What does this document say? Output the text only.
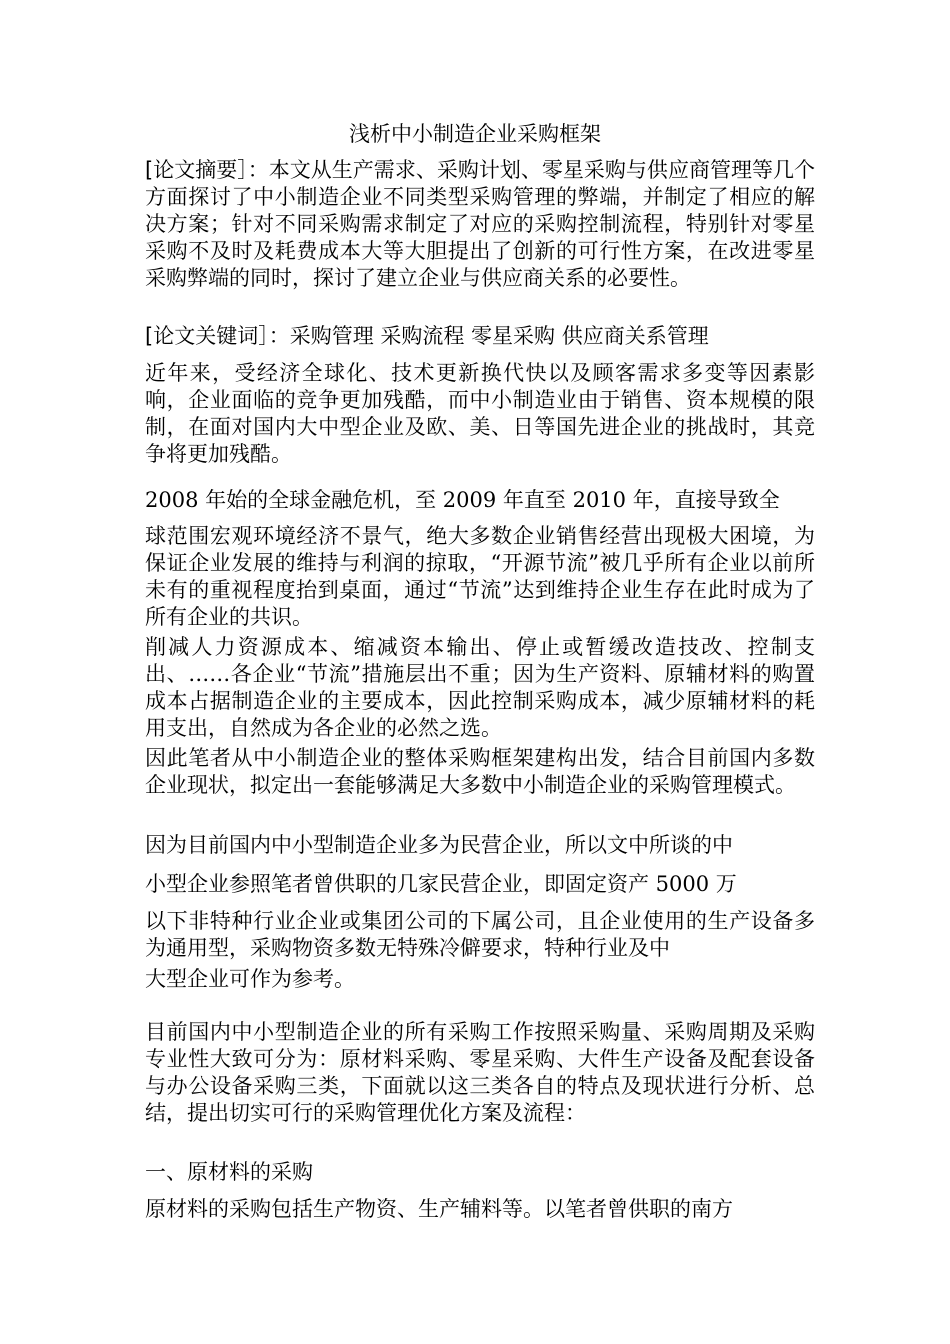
浅析中小制造企业采购框架
[论文摘要］：本文从生产需求、采购计划、零星采购与供应商管理等几个方面探讨了中小制造企业不同类型采购管理的弊端，并制定了相应的解决方案；针对不同采购需求制定了对应的采购控制流程，特别针对零星采购不及时及耗费成本大等大胆提出了创新的可行性方案，在改进零星采购弊端的同时，探讨了建立企业与供应商关系的必要性。
[论文关键词］：采购管理 采购流程 零星采购 供应商关系管理
近年来，受经济全球化、技术更新换代快以及顾客需求多变等因素影响，企业面临的竞争更加残酷，而中小制造业由于销售、资本规模的限制，在面对国内大中型企业及欧、美、日等国先进企业的挑战时，其竞争将更加残酷。
2008 年始的全球金融危机，至 2009 年直至 2010 年，直接导致全
球范围宏观环境经济不景气，绝大多数企业销售经营出现极大困境，为保证企业发展的维持与利润的掠取，“开源节流”被几乎所有企业以前所未有的重视程度抬到桌面，通过“节流”达到维持企业生存在此时成为了所有企业的共识。
削减人力资源成本、缩减资本输出、停止或暂缓改造技改、控制支出、……各企业“节流”措施层出不重；因为生产资料、原辅材料的购置成本占据制造企业的主要成本，因此控制采购成本，减少原辅材料的耗用支出，自然成为各企业的必然之选。
因此笔者从中小制造企业的整体采购框架建构出发，结合目前国内多数企业现状，拟定出一套能够满足大多数中小制造企业的采购管理模式。
因为目前国内中小型制造企业多为民营企业，所以文中所谈的中
小型企业参照笔者曾供职的几家民营企业，即固定资产 5000 万
以下非特种行业企业或集团公司的下属公司，且企业使用的生产设备多为通用型，采购物资多数无特殊冷僻要求，特种行业及中
大型企业可作为参考。
目前国内中小型制造企业的所有采购工作按照采购量、采购周期及采购专业性大致可分为：原材料采购、零星采购、大件生产设备及配套设备与办公设备采购三类，下面就以这三类各自的特点及现状进行分析、总结，提出切实可行的采购管理优化方案及流程：
一、原材料的采购
原材料的采购包括生产物资、生产辅料等。以笔者曾供职的南方
